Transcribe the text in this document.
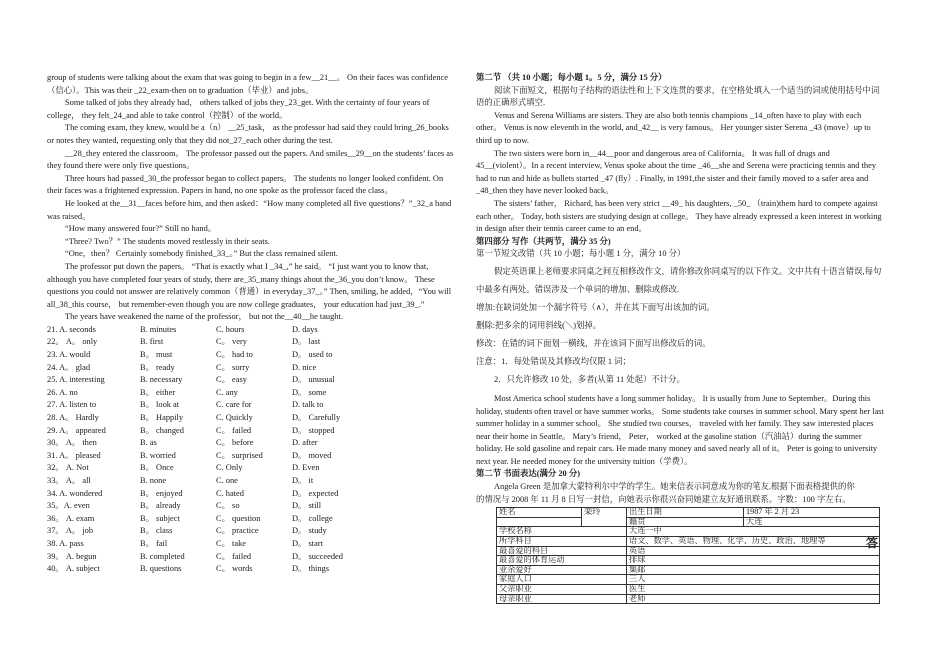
group of students were talking about the exam that was going to begin in a few__21__。 On their faces was confidence（信心）。This was their _22_exam-then on to graduation（毕业）and jobs。

Some talked of jobs they already had， others talked of jobs they_23_get. With the certainty of four years of college， they felt_24_and able to take control（控制）of the world。

The coming exam, they knew, would be a（n） __25_task， as the professor had said they could bring_26_books or notes they wanted, requesting only that they did not_27_each other during the test.

__28_they entered the classroom。 The professor passed out the papers. And smiles__29__on the students’ faces as they found there were only five questions。

Three hours had passed_30_the professor began to collect papers。 The students no longer looked confident. On their faces was a frightened expression. Papers in hand, no one spoke as the professor faced the class。

He looked at the__31__faces before him, and then asked：“How many completed all five questions？”_32_a hand was raised。

“How many answered four?” Still no hand。

“Three? Two？” The students moved restlessly in their seats.

“One，then？ Certainly somebody finished_33_。” But the class remained silent.

The professor put down the papers。 “That is exactly what I _34_,” he said。 “I just want you to know that, although you have completed four years of study, there are_35_many things about the_36_you don’t know。 These questions you could not answer are relatively common（普通）in everyday_37_。” Then, smiling, he added，“You will all_38_this course， but remember-even though you are now college graduates， your education had just_39_.”

The years have weakened the name of the professor， but not the__40__he taught.

21. A. seconds	B. minutes	C. hours	D. days
22。 A。 only	B. first	C。 very	D。 last
23. A. would	B。 must	C。 had to	D。 used to
24. A。 glad	B。 ready	C。 sorry	D. nice
25. A. interesting	B. necessary	C。 easy	D。 unusual
26. A. no	B。 either	C. any	D。 some
27. A. listen to	B。 look at	C. care for	D. talk to
28. A。 Hardly	B。 Happily	C. Quickly	D。 Carefully
29. A。 appeared	B。 changed	C。 failed	D。 stopped
30。 A。 then	B. as	C。 before	D. after
31. A。 pleased	B. worried	C。 surprised	D。 moved
32。 A. Not	B。 Once	C. Only	D. Even
33。 A。 all	B. none	C. one	D。 it
34. A. wondered	B。 enjoyed	C. hated	D。 expected
35。A. even	B。 already	C。 so	D。 still
36。 A. exam	B。 subject	C。 question	D。 college
37。 A。 job	B。 class	C。 practice	D。 study
38. A. pass	B。 fail	C。 take	D。 start
39。 A. begun	B. completed	C。 failed	D。 succeeded
40。 A. subject	B. questions	C。 words	D。 things

第二节 （共 10 小题；每小题 1。5 分，满分 15 分）

阅读下面短文，根据句子结构的语法性和上下文连贯的要求，在空格处填入一个适当的词或使用括号中词语的正确形式填空.

Venus and Serena Williams are sisters. They are also both tennis champions _14_often have to play with each other。 Venus is now eleventh in the world, and_42__ is very famous。 Her younger sister Serena _43 (move）up to third up to now.

The two sisters were born in__44__poor and dangerous area of California。 It was full of drugs and 45__(violent）。In a recent interview, Venus spoke about the time _46__she and Serena were practicing tennis and they had to run and hide as bullets started _47 (fly）. Finally, in 1991,the sister and their family moved to a safer area and _48_then they have never looked back。

The sisters’ father， Richard, has been very strict __49_ his daughters, _50_ （train)them hard to compete against each other。 Today, both sisters are studying design at college。 They have already expressed a keen interest in working in design after their tennis career came to an end。

第四部分 写作（共两节，满分 35 分)

第一节短文改错（共 10 小题；每小题 1 分，满分 10 分）

假定英语课上老师要求同桌之间互相修改作文，请你修改你同桌写的以下作文。文中共有十语言错误,每句中最多有两处。错误涉及一个单词的增加、删除或修改.

增加:在缺词处加一个漏字符号（∧），并在其下面写出该加的词。

删除:把多余的词用斜线(＼)划掉。

修改：在错的词下面划一横线，并在该词下面写出修改后的词。

注意：1．每处错误及其修改均仅限 1 词；

2．只允许修改 10 处，多者(从第 11 处起）不计分。

Most America school students have a long summer holiday。 It is usually from June to September。During this holiday, students often travel or have summer works。 Some students take courses in summer school. Mary spent her last summer holiday in a summer school。 She studied two courses， traveled with her family. They saw interested places near their home in Seattle。 Mary’s friend， Peter， worked at the gasoline station（汽油站）during the summer holiday. He sold gasoline and repair cars. He made many money and saved nearly all of it。 Peter is going to university next year. He needed money for the university tuition（学费）。

第二节 书面表达(满分 20 分)

Angela Green 是加拿大蒙特利尔中学的学生。她来信表示同意成为你的笔友.根据下面表格提供的你的情况与 2008 年 11 月 8 日写一封信，向她表示你很兴奋同她建立友好通讯联系。字数：100 字左右。

姓名	栾玲	出生日期	1987 年 2 月 23
		籍贯	大连
学校名称		大连一中	
所学科目		语文、数学、英语、物理、化学、历史、政治、地理等	
最喜爱的科目		英语	
最喜爱的体育运动		排球	
业余爱好		集邮	
家庭人口		三人	
父亲职业		医生	
母亲职业		老师	
答
